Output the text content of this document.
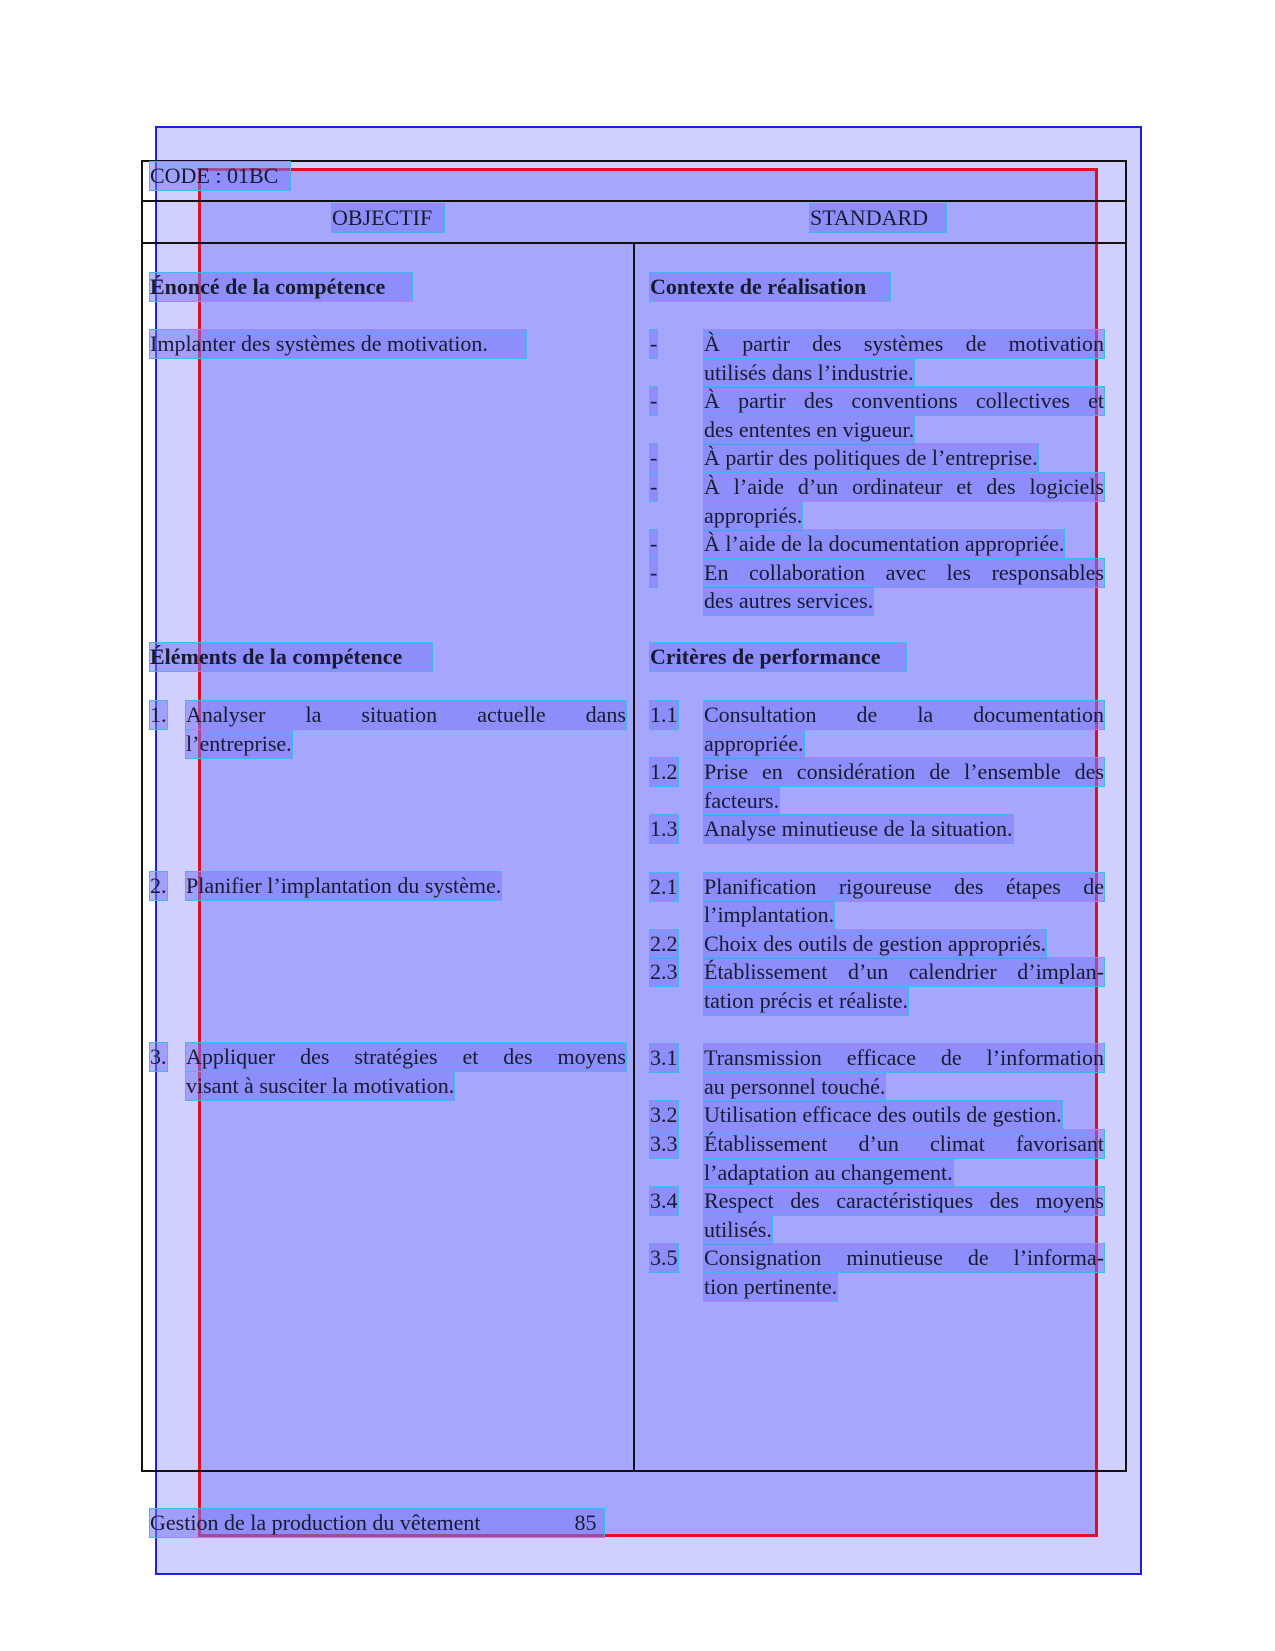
CODE : 01BC
OBJECTIF	STANDARD
Énoncé de la compétence
Implanter des systèmes de motivation.
Contexte de réalisation
- À partir des systèmes de motivation
utilisés dans l’industrie.
- À partir des conventions collectives et
des ententes en vigueur.
- À partir des politiques de l’entreprise.
- À l’aide d’un ordinateur et des logiciels
appropriés.
- À l’aide de la documentation appropriée.
- En collaboration avec les responsables
des autres services.
Éléments de la compétence
1. Analyser la situation actuelle dans
l’entreprise.
2. Planifier l’implantation du système.
3. Appliquer des stratégies et des moyens
visant à susciter la motivation.
Critères de performance
1.1 Consultation de la documentation
appropriée.
1.2 Prise en considération de l’ensemble des
facteurs.
1.3 Analyse minutieuse de la situation.
2.1 Planification rigoureuse des étapes de
l’implantation.
2.2 Choix des outils de gestion appropriés.
2.3 Établissement d’un calendrier d’implan-
tation précis et réaliste.
3.1 Transmission efficace de l’information
au personnel touché.
3.2 Utilisation efficace des outils de gestion.
3.3 Établissement d’un climat favorisant
l’adaptation au changement.
3.4 Respect des caractéristiques des moyens
utilisés.
3.5 Consignation minutieuse de l’informa-
tion pertinente.
Gestion de la production du vêtement	85
